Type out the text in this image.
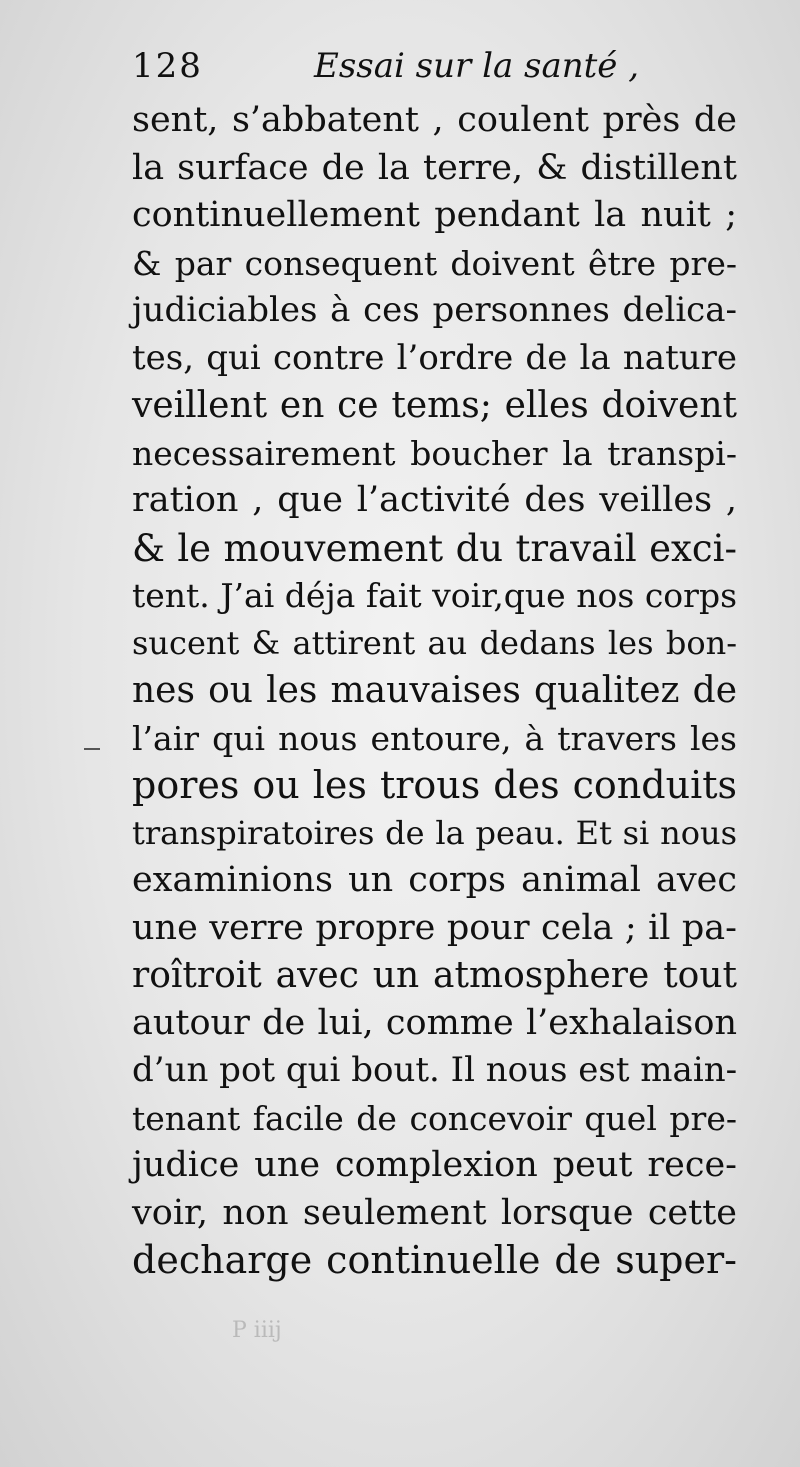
128	Essai sur la santé ,
sent, s’abbatent , coulent près de
la surface de la terre, & distillent
continuellement pendant la nuit ;
& par consequent doivent être pre-
judiciables à ces personnes delica-
tes, qui contre l’ordre de la nature
veillent en ce tems; elles doivent
necessairement boucher la transpi-
ration , que l’activité des veilles ,
& le mouvement du travail exci-
tent. J’ai déja fait voir,que nos corps
sucent & attirent au dedans les bon-
nes ou les mauvaises qualitez de
l’air qui nous entoure, à travers les
pores ou les trous des conduits
transpiratoires de la peau. Et si nous
examinions un corps animal avec
une verre propre pour cela ; il pa-
roîtroit avec un atmosphere tout
autour de lui, comme l’exhalaison
d’un pot qui bout. Il nous est main-
tenant facile de concevoir quel pre-
judice une complexion peut rece-
voir, non seulement lorsque cette
decharge continuelle de super-
P iiij
